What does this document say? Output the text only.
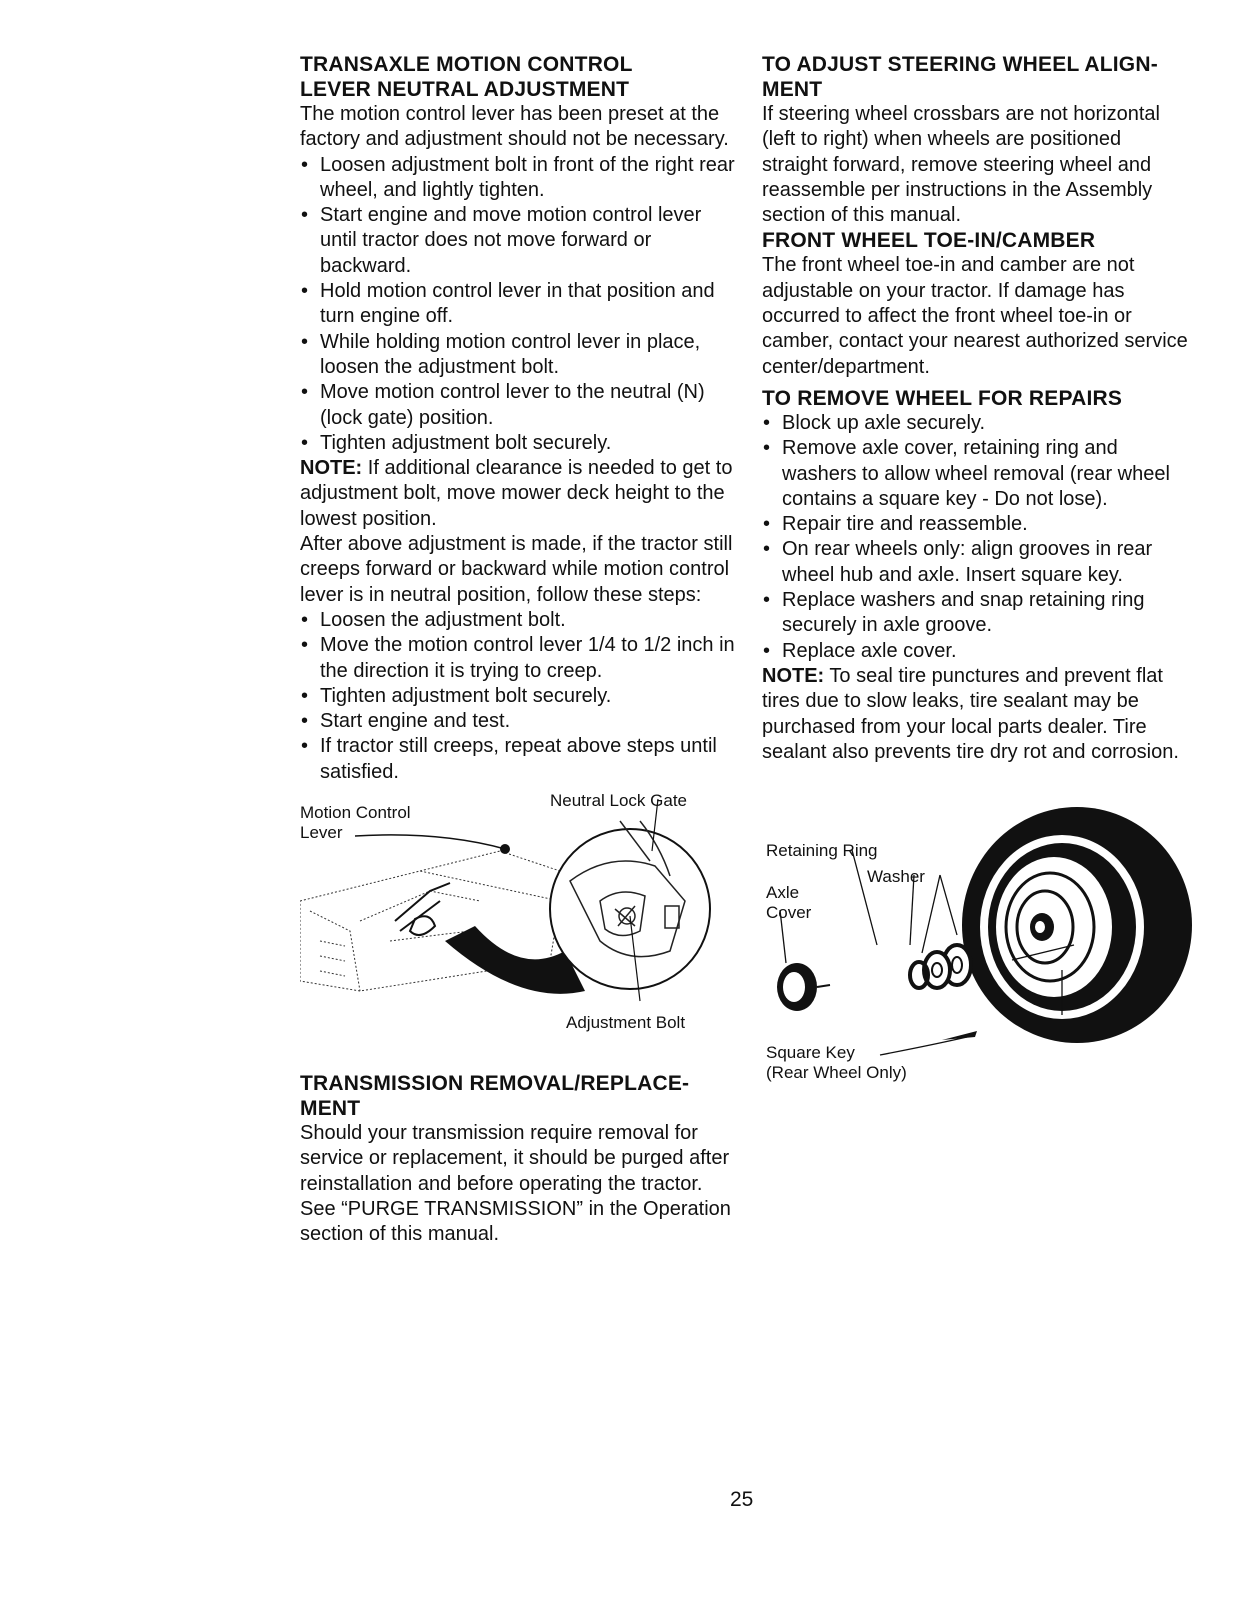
TRANSAXLE MOTION CONTROL
LEVER NEUTRAL ADJUSTMENT

The motion control lever has been preset at the factory and adjustment should not be necessary.

• Loosen adjustment bolt in front of the right rear wheel, and lightly tighten.
• Start engine and move motion control lever until tractor does not move forward or backward.
• Hold motion control lever in that position and turn engine off.
• While holding motion control lever in place, loosen the adjustment bolt.
• Move motion control lever to the neutral (N) (lock gate) position.
• Tighten adjustment bolt securely.

NOTE: If additional clearance is needed to get to adjustment bolt, move mower deck height to the lowest position.

After above adjustment is made, if the tractor still creeps forward or backward while motion control lever is in neutral position, follow these steps:

• Loosen the adjustment bolt.
• Move the motion control lever 1/4 to 1/2 inch in the direction it is trying to creep.
• Tighten adjustment bolt securely.
• Start engine and test.
• If tractor still creeps, repeat above steps until satisfied.
Motion Control
Lever
Neutral Lock Gate
Adjustment Bolt
TRANSMISSION REMOVAL/REPLACE-
MENT

Should your transmission require removal for service or replacement, it should be purged after reinstallation and before operating the tractor. See “PURGE TRANSMISSION” in the Operation section of this manual.

TO ADJUST STEERING WHEEL ALIGN-
MENT

If steering wheel crossbars are not horizontal (left to right) when wheels are positioned straight forward, remove steering wheel and reassemble per instructions in the Assembly section of this manual.

FRONT WHEEL TOE-IN/CAMBER

The front wheel toe-in and camber are not adjustable on your tractor. If damage has occurred to affect the front wheel toe-in or camber, contact your nearest authorized service center/department.

TO REMOVE WHEEL FOR REPAIRS
• Block up axle securely.
• Remove axle cover, retaining ring and washers to allow wheel removal (rear wheel contains a square key - Do not lose).
• Repair tire and reassemble.
• On rear wheels only: align grooves in rear wheel hub and axle. Insert square key.
• Replace washers and snap retaining ring securely in axle groove.
• Replace axle cover.

NOTE: To seal tire punctures and prevent flat tires due to slow leaks, tire sealant may be purchased from your local parts dealer. Tire sealant also prevents tire dry rot and corrosion.

Retaining Ring
Washer
Axle
Cover
Square Key
(Rear Wheel Only)
25
